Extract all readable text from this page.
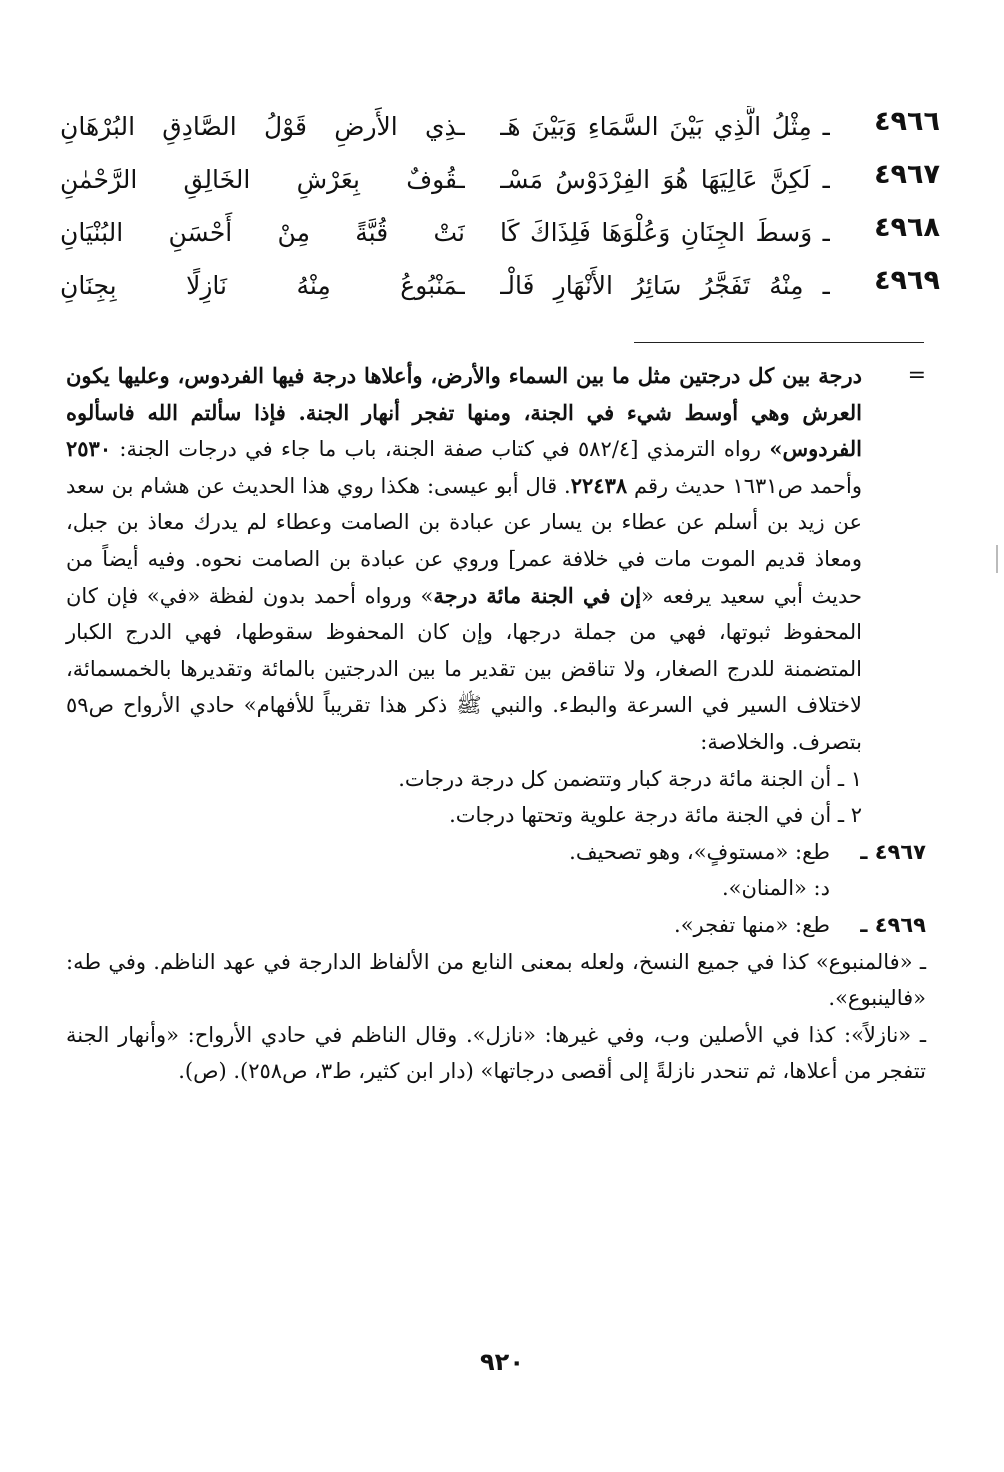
٤٩٦٦
ـ مِثْلُ الَّذِي بَيْنَ السَّمَاءِ وَبَيْنَ هَـ
ـذِي الأَرضِ قَوْلُ الصَّادِقِ البُرْهَانِ
٤٩٦٧
ـ لَكِنَّ عَالِيَهَا هُوَ الفِرْدَوْسُ مَسْـ
ـقُوفٌ بِعَرْشِ الخَالِقِ الرَّحْمٰنِ
٤٩٦٨
ـ وَسطَ الجِنَانِ وَعُلْوَهَا فَلِذَاكَ كَا
نَتْ قُبَّةً مِنْ أَحْسَنِ البُنْيَانِ
٤٩٦٩
ـ مِنْهُ تَفَجَّرُ سَائِرُ الأَنْهَارِ فَالْـ
ـمَنْبُوعُ مِنْهُ نَازِلًا بِجِنَانِ
=
درجة بين كل درجتين مثل ما بين السماء والأرض، وأعلاها درجة فيها الفردوس، وعليها يكون العرش وهي أوسط شيء في الجنة، ومنها تفجر أنهار الجنة. فإذا سألتم الله فاسألوه الفردوس» رواه الترمذي [٥٨٢/٤ في كتاب صفة الجنة، باب ما جاء في درجات الجنة: ٢٥٣٠ وأحمد ص١٦٣١ حديث رقم ٢٢٤٣٨. قال أبو عيسى: هكذا روي هذا الحديث عن هشام بن سعد عن زيد بن أسلم عن عطاء بن يسار عن عبادة بن الصامت وعطاء لم يدرك معاذ بن جبل، ومعاذ قديم الموت مات في خلافة عمر] وروي عن عبادة بن الصامت نحوه. وفيه أيضاً من حديث أبي سعيد يرفعه «إن في الجنة مائة درجة» ورواه أحمد بدون لفظة «في» فإن كان المحفوظ ثبوتها، فهي من جملة درجها، وإن كان المحفوظ سقوطها، فهي الدرج الكبار المتضمنة للدرج الصغار، ولا تناقض بين تقدير ما بين الدرجتين بالمائة وتقديرها بالخمسمائة، لاختلاف السير في السرعة والبطء. والنبي ﷺ ذكر هذا تقريباً للأفهام» حادي الأرواح ص٥٩ بتصرف. والخلاصة:
١ ـ أن الجنة مائة درجة كبار وتتضمن كل درجة درجات.
٢ ـ أن في الجنة مائة درجة علوية وتحتها درجات.
٤٩٦٧ ـ
طع: «مستوفٍ»، وهو تصحيف.
د: «المنان».
٤٩٦٩ ـ
طع: «منها تفجر».
ـ «فالمنبوع» كذا في جميع النسخ، ولعله بمعنى النابع من الألفاظ الدارجة في عهد الناظم. وفي طه: «فالينبوع».
ـ «نازلاً»: كذا في الأصلين وب، وفي غيرها: «نازل». وقال الناظم في حادي الأرواح: «وأنهار الجنة تتفجر من أعلاها، ثم تنحدر نازلةً إلى أقصى درجاتها» (دار ابن كثير، ط٣، ص٢٥٨). (ص).
٩٢٠
